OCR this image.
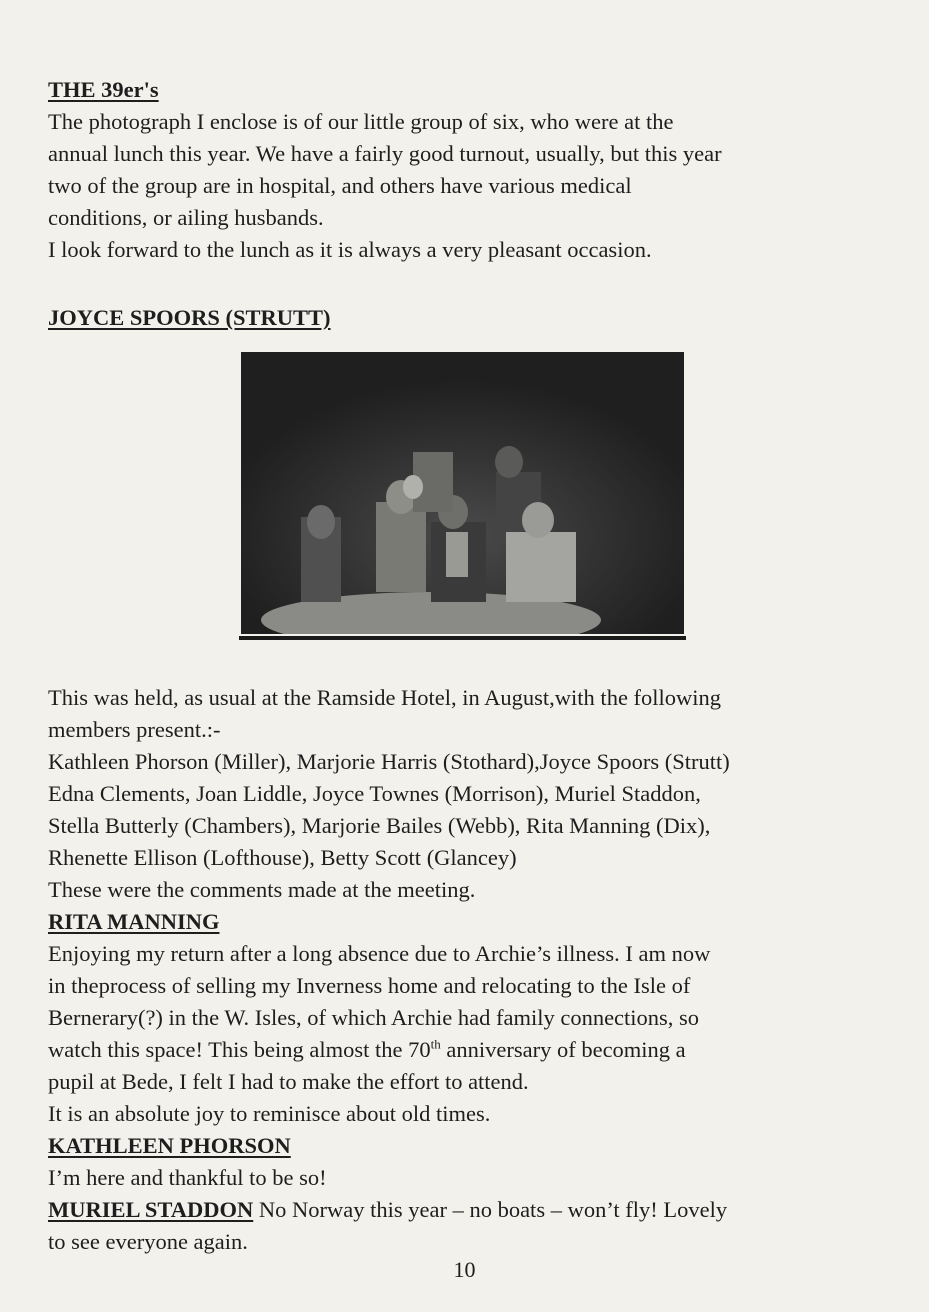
THE 39er's

The photograph I enclose is of our little group of six, who were at the

annual lunch this year. We have a fairly good turnout, usually, but this year

two of the group are in hospital, and others have various medical

conditions, or ailing husbands.

I look forward to the lunch as it is always a very pleasant occasion.

JOYCE SPOORS (STRUTT)

This was held, as usual at the Ramside Hotel, in August,with the following

members present.:-

Kathleen Phorson (Miller), Marjorie Harris (Stothard),Joyce Spoors (Strutt)

Edna Clements, Joan Liddle, Joyce Townes (Morrison), Muriel Staddon,

Stella Butterly (Chambers), Marjorie Bailes (Webb), Rita Manning (Dix),

Rhenette Ellison (Lofthouse), Betty Scott (Glancey)

These were the comments made at the meeting.

RITA MANNING

Enjoying my return after a long absence due to Archie’s illness. I am now

in theprocess of selling my Inverness home and relocating to the Isle of

Bernerary(?) in the W. Isles, of which Archie had family connections, so

watch this space! This being almost the 70th anniversary of becoming a

pupil at Bede, I felt I had to make the effort to attend.

It is an absolute joy to reminisce about old times.

KATHLEEN PHORSON

I’m here and thankful to be so!

MURIEL STADDON No Norway this year – no boats – won’t fly! Lovely

to see everyone again.

10
